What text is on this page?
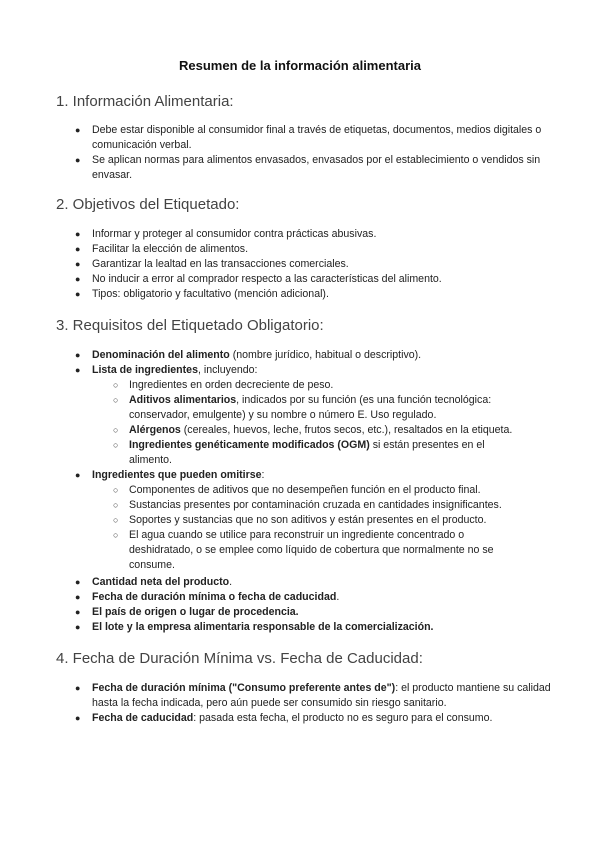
Resumen de la información alimentaria
1. Información Alimentaria:
● Debe estar disponible al consumidor final a través de etiquetas, documentos, medios digitales o comunicación verbal.
● Se aplican normas para alimentos envasados, envasados por el establecimiento o vendidos sin envasar.
2. Objetivos del Etiquetado:
● Informar y proteger al consumidor contra prácticas abusivas.
● Facilitar la elección de alimentos.
● Garantizar la lealtad en las transacciones comerciales.
● No inducir a error al comprador respecto a las características del alimento.
● Tipos: obligatorio y facultativo (mención adicional).
3. Requisitos del Etiquetado Obligatorio:
● Denominación del alimento (nombre jurídico, habitual o descriptivo).
● Lista de ingredientes, incluyendo:
○ Ingredientes en orden decreciente de peso.
○ Aditivos alimentarios, indicados por su función (es una función tecnológica: conservador, emulgente) y su nombre o número E. Uso regulado.
○ Alérgenos (cereales, huevos, leche, frutos secos, etc.), resaltados en la etiqueta.
○ Ingredientes genéticamente modificados (OGM) si están presentes en el alimento.
● Ingredientes que pueden omitirse:
○ Componentes de aditivos que no desempeñen función en el producto final.
○ Sustancias presentes por contaminación cruzada en cantidades insignificantes.
○ Soportes y sustancias que no son aditivos y están presentes en el producto.
○ El agua cuando se utilice para reconstruir un ingrediente concentrado o deshidratado, o se emplee como líquido de cobertura que normalmente no se consume.
● Cantidad neta del producto.
● Fecha de duración mínima o fecha de caducidad.
● El país de origen o lugar de procedencia.
● El lote y la empresa alimentaria responsable de la comercialización.
4. Fecha de Duración Mínima vs. Fecha de Caducidad:
● Fecha de duración mínima ("Consumo preferente antes de"): el producto mantiene su calidad hasta la fecha indicada, pero aún puede ser consumido sin riesgo sanitario.
● Fecha de caducidad: pasada esta fecha, el producto no es seguro para el consumo.
